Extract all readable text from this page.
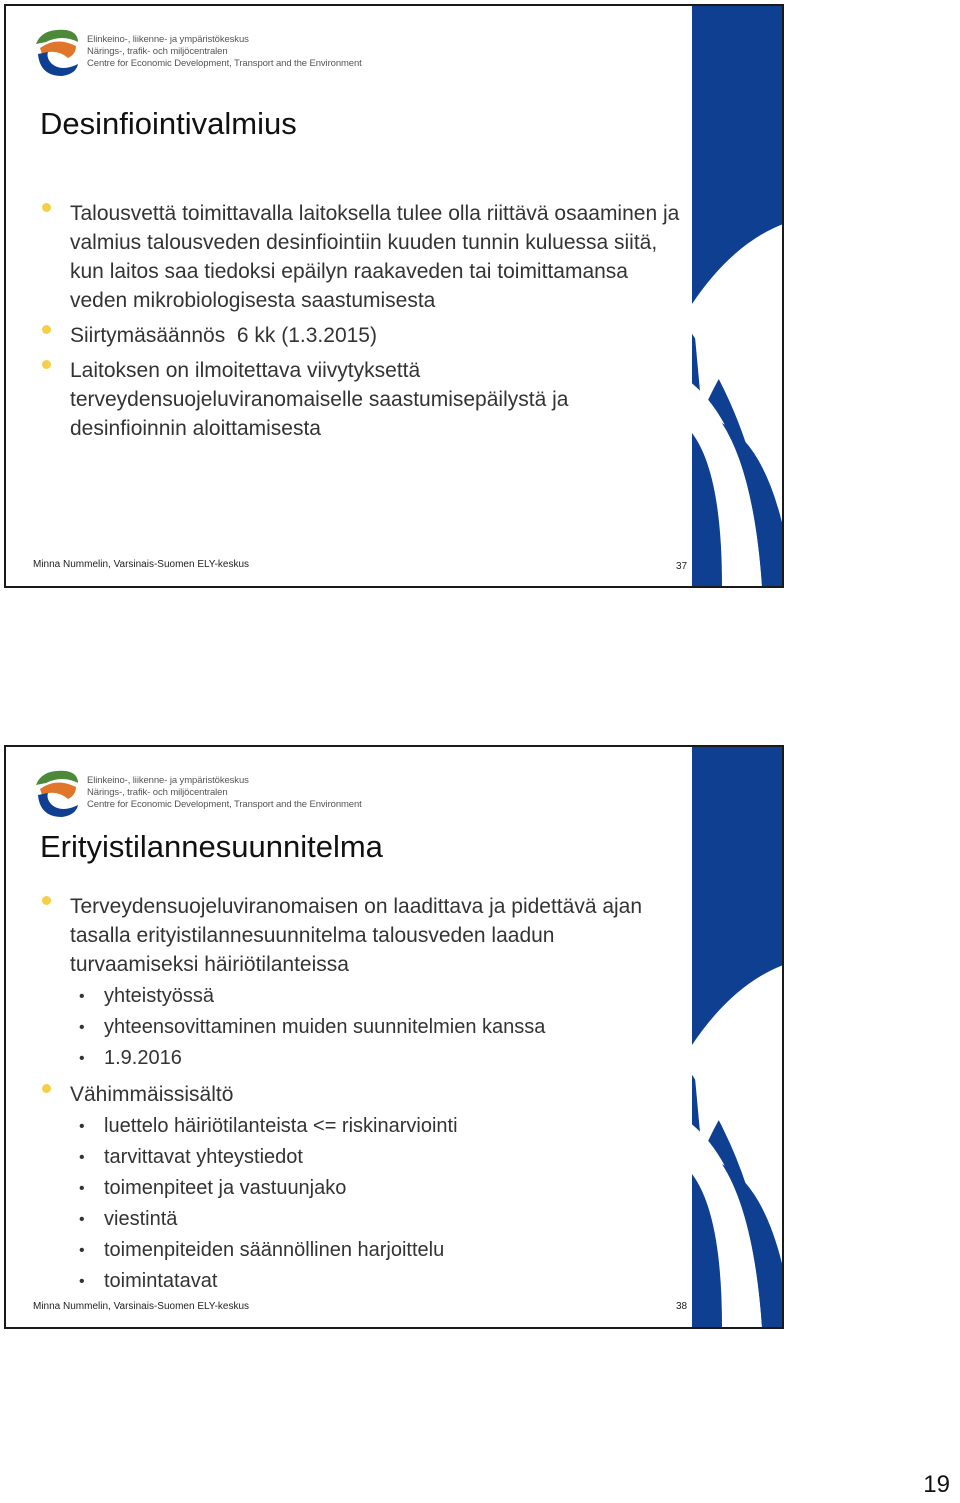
Elinkeino-, liikenne- ja ympäristökeskus
Närings-, trafik- och miljöcentralen
Centre for Economic Development, Transport and the Environment
Desinfiointivalmius
Talousvettä toimittavalla laitoksella tulee olla riittävä osaaminen ja valmius talousveden desinfiointiin kuuden tunnin kuluessa siitä, kun laitos saa tiedoksi epäilyn raakaveden tai toimittamansa veden mikrobiologisesta saastumisesta
Siirtymäsäännös  6 kk (1.3.2015)
Laitoksen on ilmoitettava viivytyksettä terveydensuojeluviranomaiselle saastumisepäilystä ja desinfioinnin aloittamisesta
Minna Nummelin, Varsinais-Suomen ELY-keskus	37
Elinkeino-, liikenne- ja ympäristökeskus
Närings-, trafik- och miljöcentralen
Centre for Economic Development, Transport and the Environment
Erityistilannesuunnitelma
Terveydensuojeluviranomaisen on laadittava ja pidettävä ajan tasalla erityistilannesuunnitelma talousveden laadun turvaamiseksi häiriötilanteissa
• yhteistyössä
• yhteensovittaminen muiden suunnitelmien kanssa
• 1.9.2016
Vähimmäissisältö
• luettelo häiriötilanteista <= riskinarviointi
• tarvittavat yhteystiedot
• toimenpiteet ja vastuunjako
• viestintä
• toimenpiteiden säännöllinen harjoittelu
• toimintatavat
Minna Nummelin, Varsinais-Suomen ELY-keskus	38
19
